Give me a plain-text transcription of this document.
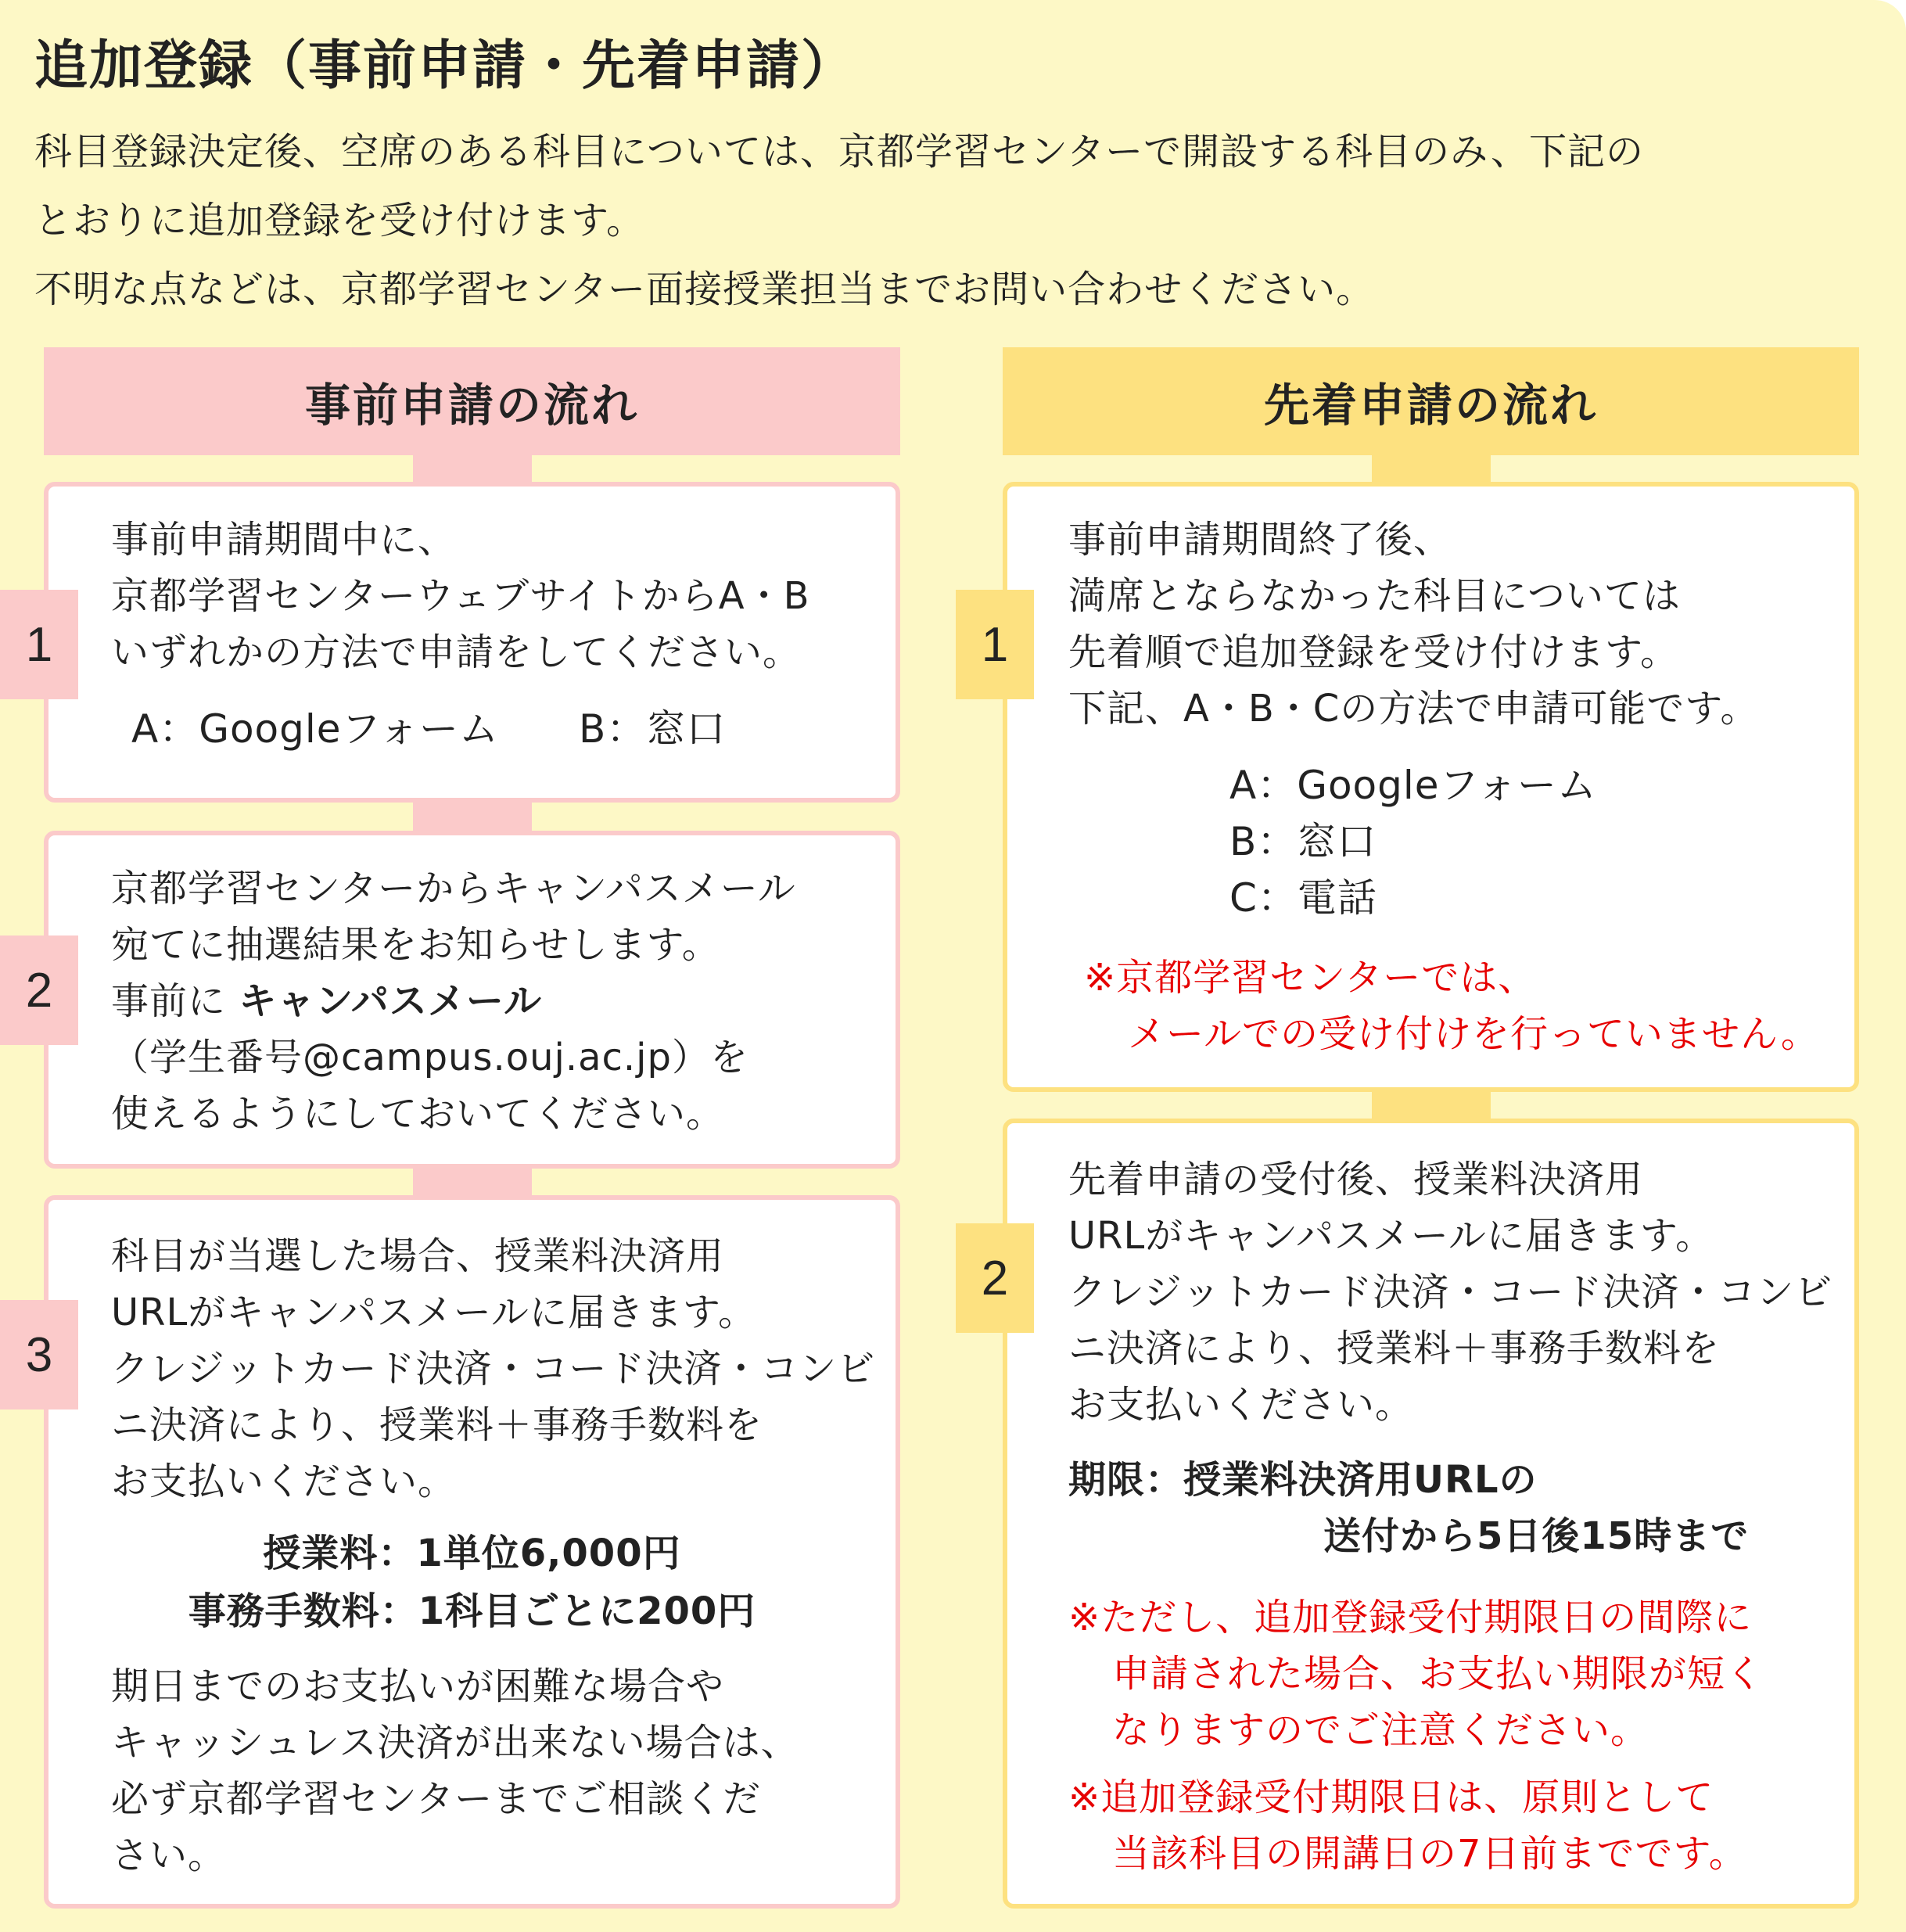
追加登録（事前申請・先着申請）

科目登録決定後、空席のある科目については、京都学習センターで開設する科目のみ、下記の

とおりに追加登録を受け付けます。

不明な点などは、京都学習センター面接授業担当までお問い合わせください。

事前申請の流れ
1
事前申請期間中に、
京都学習センターウェブサイトからA・B
いずれかの方法で申請をしてください。
A：Googleフォーム　　B：窓口
2
京都学習センターからキャンパスメール
宛てに抽選結果をお知らせします。
事前に キャンパスメール
（学生番号@campus.ouj.ac.jp）を
使えるようにしておいてください。
3
科目が当選した場合、授業料決済用
URLがキャンパスメールに届きます。
クレジットカード決済・コード決済・コンビ
ニ決済により、授業料＋事務手数料を
お支払いください。
授業料：1単位6,000円
事務手数料：1科目ごとに200円
期日までのお支払いが困難な場合や
キャッシュレス決済が出来ない場合は、
必ず京都学習センターまでご相談くだ
さい。
先着申請の流れ
1
事前申請期間終了後、
満席とならなかった科目については
先着順で追加登録を受け付けます。
下記、A・B・Cの方法で申請可能です。
A：Googleフォーム
B：窓口
C：電話
※京都学習センターでは、
メールでの受け付けを行っていません。
2
先着申請の受付後、授業料決済用
URLがキャンパスメールに届きます。
クレジットカード決済・コード決済・コンビ
ニ決済により、授業料＋事務手数料を
お支払いください。
期限：授業料決済用URLの
送付から5日後15時まで
※ただし、追加登録受付期限日の間際に
申請された場合、お支払い期限が短く
なりますのでご注意ください。
※追加登録受付期限日は、原則として
当該科目の開講日の7日前までです。
